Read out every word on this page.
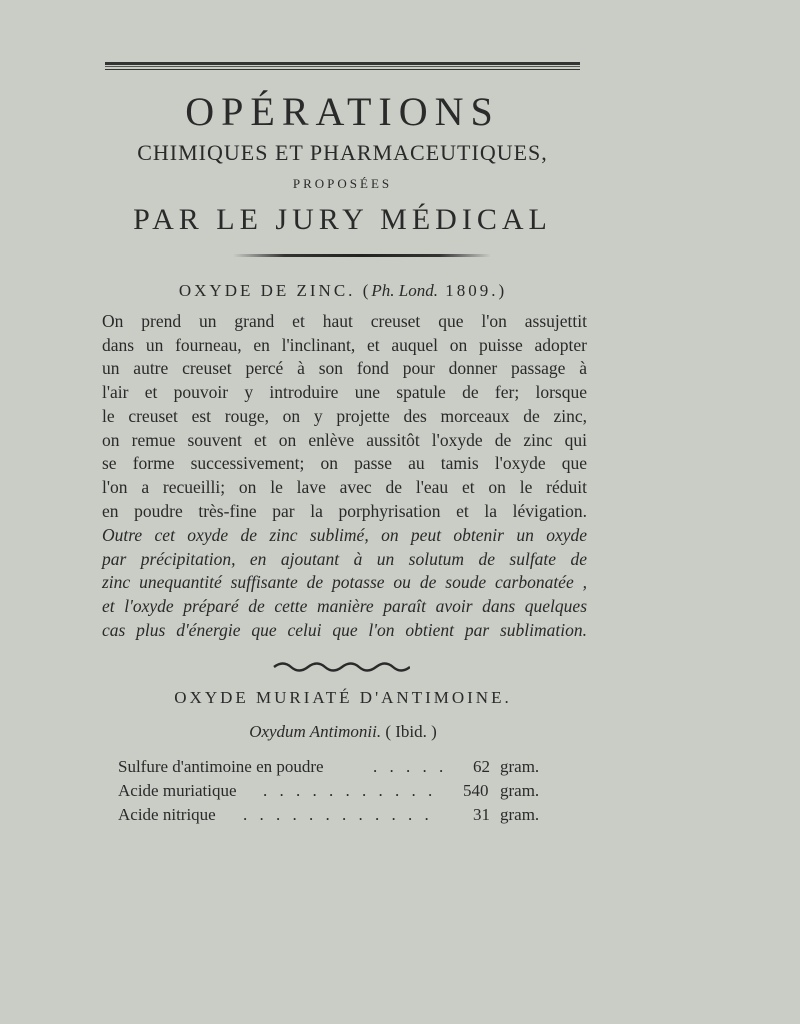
OPÉRATIONS
CHIMIQUES ET PHARMACEUTIQUES,
PROPOSÉES
PAR LE JURY MÉDICAL
OXYDE DE ZINC. (Ph. Lond. 1809.)
On prend un grand et haut creuset que l'on assujettit
dans un fourneau, en l'inclinant, et auquel on puisse adopter
un autre creuset percé à son fond pour donner passage à
l'air et pouvoir y introduire une spatule de fer; lorsque
le creuset est rouge, on y projette des morceaux de zinc,
on remue souvent et on enlève aussitôt l'oxyde de zinc qui
se forme successivement; on passe au tamis l'oxyde que
l'on a recueilli; on le lave avec de l'eau et on le réduit
en poudre très-fine par la porphyrisation et la lévigation.
Outre cet oxyde de zinc sublimé, on peut obtenir un oxyde
par précipitation, en ajoutant à un solutum de sulfate de
zinc unequantité suffisante de potasse ou de soude carbonatée ,
et l'oxyde préparé de cette manière paraît avoir dans quelques
cas plus d'énergie que celui que l'on obtient par sublimation.
OXYDE MURIATÉ D'ANTIMOINE.
Oxydum Antimonii. ( Ibid. )
Sulfure d'antimoine en poudre	. . . . . 62 gram.
Acide muriatique . . . . . . . . . . . 540 gram.
Acide nitrique . . . . . . . . . . . . 31 gram.
